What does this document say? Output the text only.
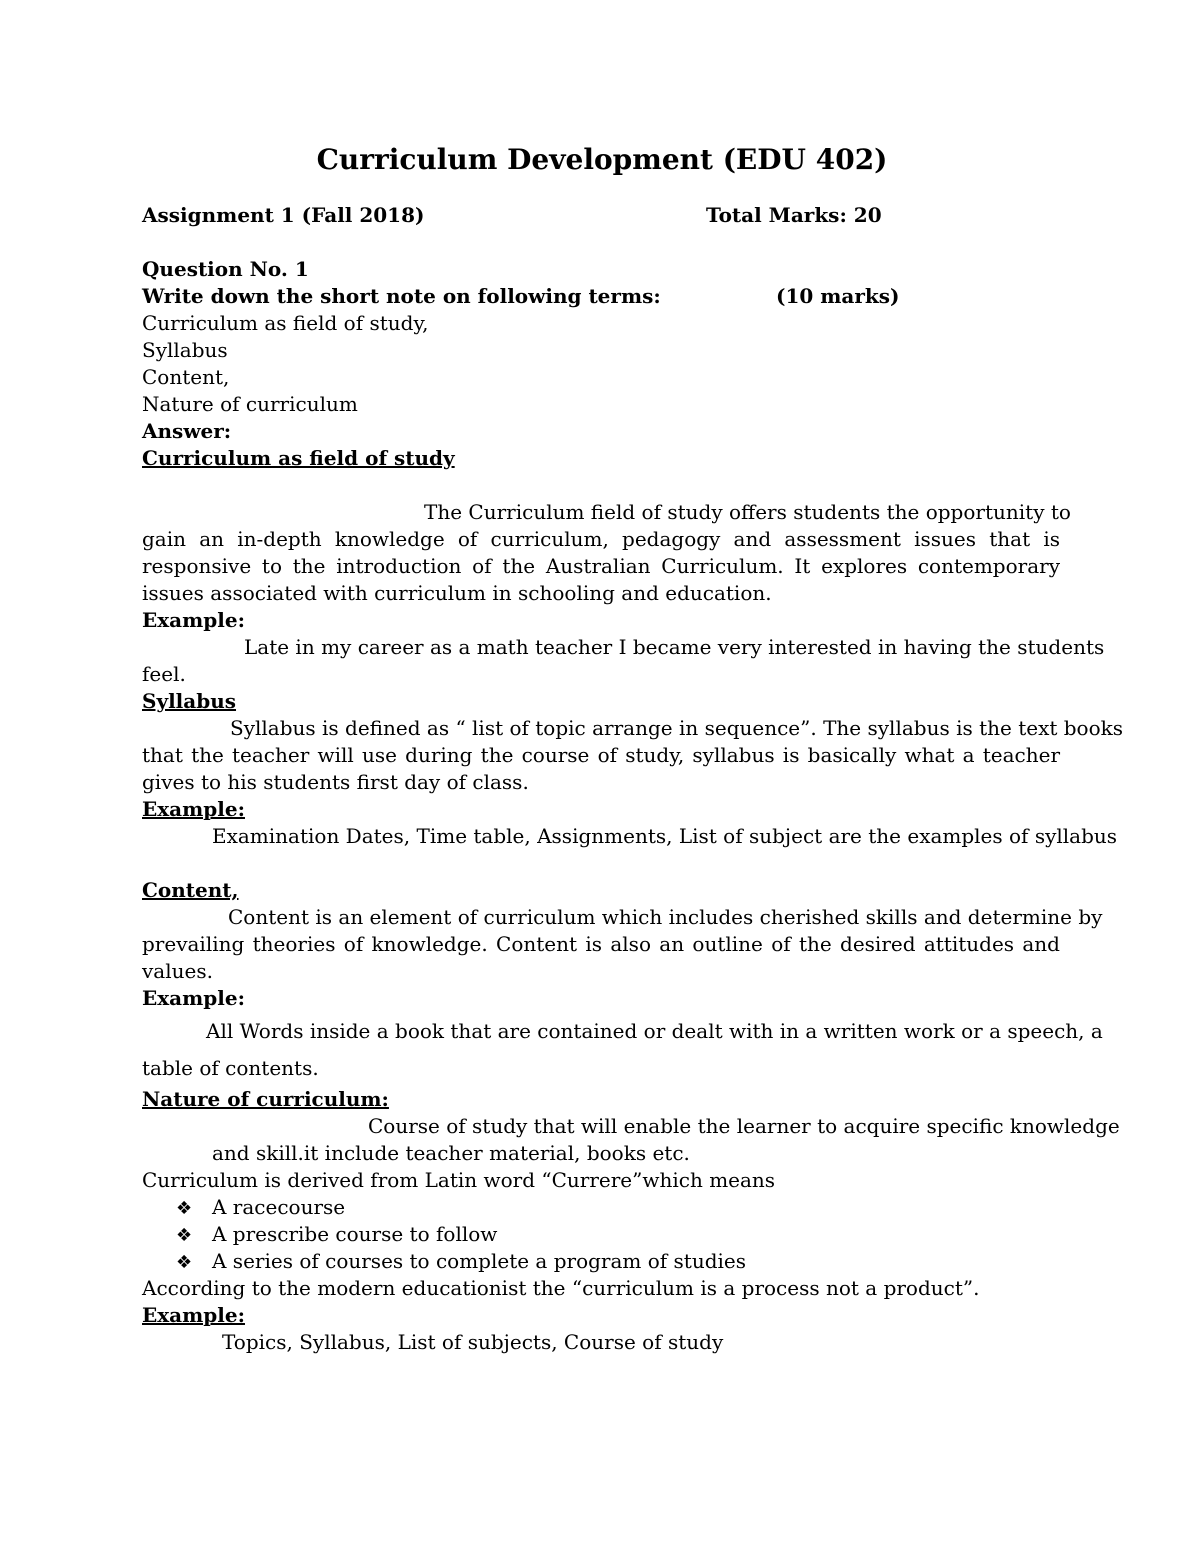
Curriculum Development (EDU 402)
Assignment 1 (Fall 2018)	Total Marks: 20
Question No. 1
Write down the short note on following terms:	(10 marks)
Curriculum as field of study,
Syllabus
Content,
Nature of curriculum
Answer:
Curriculum as field of study
The Curriculum field of study offers students the opportunity to
gain an in-depth knowledge of curriculum, pedagogy and assessment issues that is responsive to the introduction of the Australian Curriculum. It explores contemporary issues associated with curriculum in schooling and education.
Example:
Late in my career as a math teacher I became very interested in having the students
feel.
Syllabus
Syllabus is defined as “ list of topic arrange in sequence”. The syllabus is the text books
that the teacher will use during the course of study, syllabus is basically what a teacher gives to his students first day of class.
Example:
Examination Dates, Time table, Assignments, List of subject are the examples of syllabus
Content,
Content is an element of curriculum which includes cherished skills and determine by
prevailing theories of knowledge. Content is also an outline of the desired attitudes and values.
Example:
All Words inside a book that are contained or dealt with in a written work or a speech, a
table of contents.
Nature of curriculum:
Course of study that will enable the learner to acquire specific knowledge
and skill.it include teacher material, books etc.
Curriculum is derived from Latin word “Currere”which means
❖ A racecourse
❖ A prescribe course to follow
❖ A series of courses to complete a program of studies
According to the modern educationist the “curriculum is a process not a product”.
Example:
Topics, Syllabus, List of subjects, Course of study
